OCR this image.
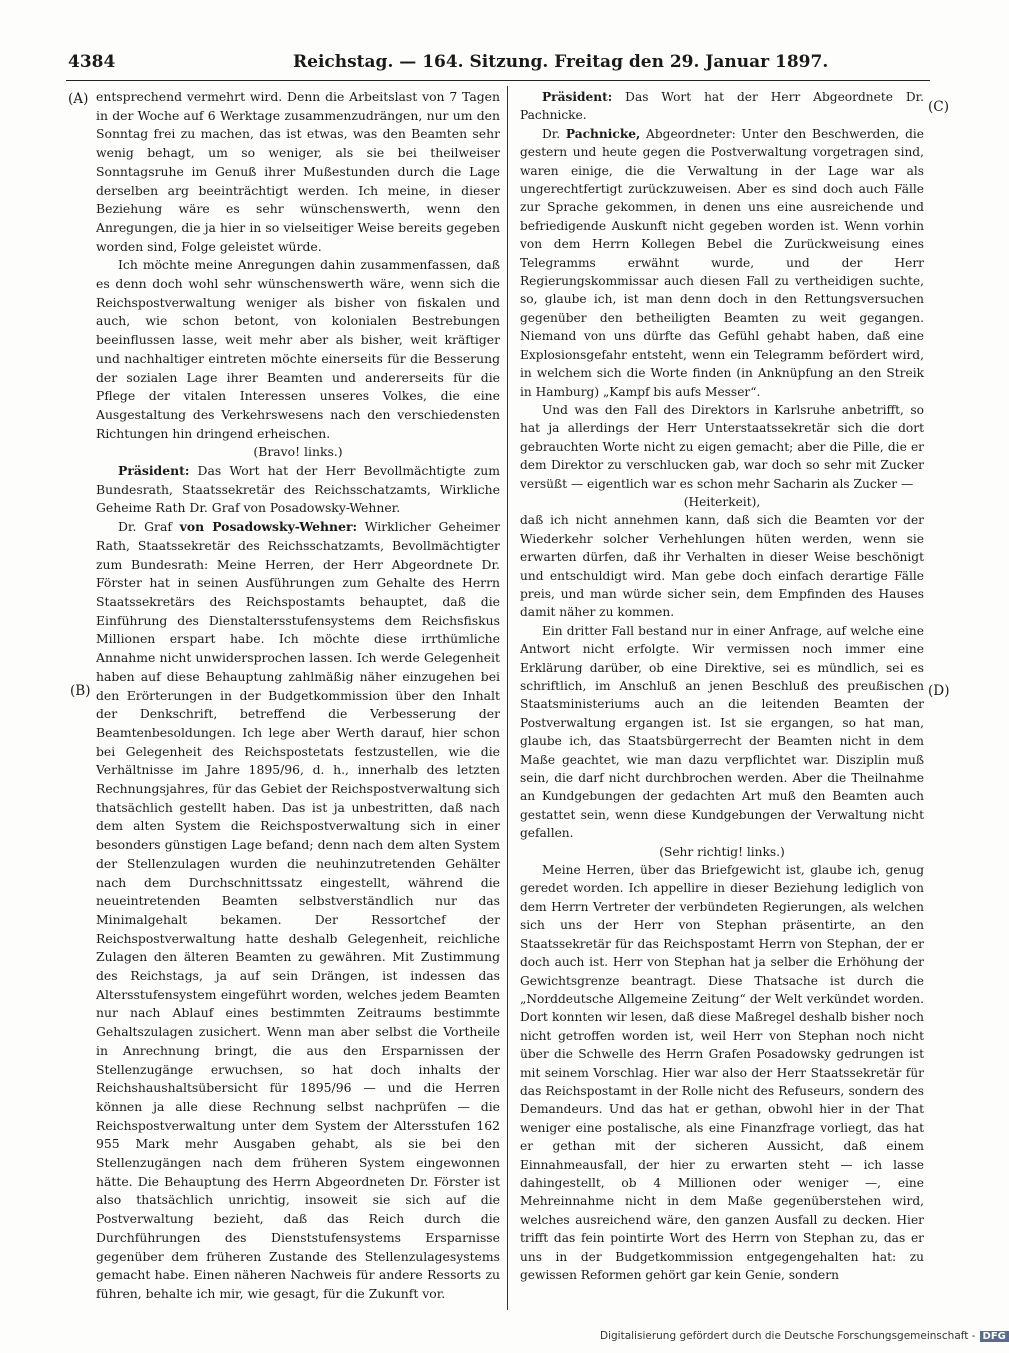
4384	Reichstag. — 164. Sitzung. Freitag den 29. Januar 1897.
(A)
(B)
(C)
(D)

entsprechend vermehrt wird. Denn die Arbeitslast von 7 Tagen in der Woche auf 6 Werktage zusammenzudrängen, nur um den Sonntag frei zu machen, das ist etwas, was den Beamten sehr wenig behagt, um so weniger, als sie bei theilweiser Sonntagsruhe im Genuß ihrer Mußestunden durch die Lage derselben arg beeinträchtigt werden. Ich meine, in dieser Beziehung wäre es sehr wünschenswerth, wenn den Anregungen, die ja hier in so vielseitiger Weise bereits gegeben worden sind, Folge geleistet würde.

Ich möchte meine Anregungen dahin zusammenfassen, daß es denn doch wohl sehr wünschenswerth wäre, wenn sich die Reichspostverwaltung weniger als bisher von fiskalen und auch, wie schon betont, von kolonialen Bestrebungen beeinflussen lasse, weit mehr aber als bisher, weit kräftiger und nachhaltiger eintreten möchte einerseits für die Besserung der sozialen Lage ihrer Beamten und andererseits für die Pflege der vitalen Interessen unseres Volkes, die eine Ausgestaltung des Verkehrswesens nach den verschiedensten Richtungen hin dringend erheischen.

(Bravo! links.)

Präsident: Das Wort hat der Herr Bevollmächtigte zum Bundesrath, Staatssekretär des Reichsschatzamts, Wirkliche Geheime Rath Dr. Graf von Posadowsky-Wehner.

Dr. Graf von Posadowsky-Wehner: Wirklicher Geheimer Rath, Staatssekretär des Reichsschatzamts, Bevollmächtigter zum Bundesrath: Meine Herren, der Herr Abgeordnete Dr. Förster hat in seinen Ausführungen zum Gehalte des Herrn Staatssekretärs des Reichspostamts behauptet, daß die Einführung des Dienstaltersstufensystems dem Reichsfiskus Millionen erspart habe. Ich möchte diese irrthümliche Annahme nicht unwidersprochen lassen. Ich werde Gelegenheit haben auf diese Behauptung zahlmäßig näher einzugehen bei den Erörterungen in der Budgetkommission über den Inhalt der Denkschrift, betreffend die Verbesserung der Beamtenbesoldungen. Ich lege aber Werth darauf, hier schon bei Gelegenheit des Reichspostetats festzustellen, wie die Verhältnisse im Jahre 1895/96, d. h., innerhalb des letzten Rechnungsjahres, für das Gebiet der Reichspostverwaltung sich thatsächlich gestellt haben. Das ist ja unbestritten, daß nach dem alten System die Reichspostverwaltung sich in einer besonders günstigen Lage befand; denn nach dem alten System der Stellenzulagen wurden die neuhinzutretenden Gehälter nach dem Durchschnittssatz eingestellt, während die neueintretenden Beamten selbstverständlich nur das Minimalgehalt bekamen. Der Ressortchef der Reichspostverwaltung hatte deshalb Gelegenheit, reichliche Zulagen den älteren Beamten zu gewähren. Mit Zustimmung des Reichstags, ja auf sein Drängen, ist indessen das Altersstufensystem eingeführt worden, welches jedem Beamten nur nach Ablauf eines bestimmten Zeitraums bestimmte Gehaltszulagen zusichert. Wenn man aber selbst die Vortheile in Anrechnung bringt, die aus den Ersparnissen der Stellenzugänge erwuchsen, so hat doch inhalts der Reichshaushaltsübersicht für 1895/96 — und die Herren können ja alle diese Rechnung selbst nachprüfen — die Reichspostverwaltung unter dem System der Altersstufen 162 955 Mark mehr Ausgaben gehabt, als sie bei den Stellenzugängen nach dem früheren System eingewonnen hätte. Die Behauptung des Herrn Abgeordneten Dr. Förster ist also thatsächlich unrichtig, insoweit sie sich auf die Postverwaltung bezieht, daß das Reich durch die Durchführungen des Dienststufensystems Ersparnisse gegenüber dem früheren Zustande des Stellenzulagesystems gemacht habe. Einen näheren Nachweis für andere Ressorts zu führen, behalte ich mir, wie gesagt, für die Zukunft vor.

Präsident: Das Wort hat der Herr Abgeordnete Dr. Pachnicke.

Dr. Pachnicke, Abgeordneter: Unter den Beschwerden, die gestern und heute gegen die Postverwaltung vorgetragen sind, waren einige, die die Verwaltung in der Lage war als ungerechtfertigt zurückzuweisen. Aber es sind doch auch Fälle zur Sprache gekommen, in denen uns eine ausreichende und befriedigende Auskunft nicht gegeben worden ist. Wenn vorhin von dem Herrn Kollegen Bebel die Zurückweisung eines Telegramms erwähnt wurde, und der Herr Regierungskommissar auch diesen Fall zu vertheidigen suchte, so, glaube ich, ist man denn doch in den Rettungsversuchen gegenüber den betheiligten Beamten zu weit gegangen. Niemand von uns dürfte das Gefühl gehabt haben, daß eine Explosionsgefahr entsteht, wenn ein Telegramm befördert wird, in welchem sich die Worte finden (in Anknüpfung an den Streik in Hamburg) „Kampf bis aufs Messer“.

Und was den Fall des Direktors in Karlsruhe anbetrifft, so hat ja allerdings der Herr Unterstaatssekretär sich die dort gebrauchten Worte nicht zu eigen gemacht; aber die Pille, die er dem Direktor zu verschlucken gab, war doch so sehr mit Zucker versüßt — eigentlich war es schon mehr Sacharin als Zucker —

(Heiterkeit),

daß ich nicht annehmen kann, daß sich die Beamten vor der Wiederkehr solcher Verhehlungen hüten werden, wenn sie erwarten dürfen, daß ihr Verhalten in dieser Weise beschönigt und entschuldigt wird. Man gebe doch einfach derartige Fälle preis, und man würde sicher sein, dem Empfinden des Hauses damit näher zu kommen.

Ein dritter Fall bestand nur in einer Anfrage, auf welche eine Antwort nicht erfolgte. Wir vermissen noch immer eine Erklärung darüber, ob eine Direktive, sei es mündlich, sei es schriftlich, im Anschluß an jenen Beschluß des preußischen Staatsministeriums auch an die leitenden Beamten der Postverwaltung ergangen ist. Ist sie ergangen, so hat man, glaube ich, das Staatsbürgerrecht der Beamten nicht in dem Maße geachtet, wie man dazu verpflichtet war. Disziplin muß sein, die darf nicht durchbrochen werden. Aber die Theilnahme an Kundgebungen der gedachten Art muß den Beamten auch gestattet sein, wenn diese Kundgebungen der Verwaltung nicht gefallen.

(Sehr richtig! links.)

Meine Herren, über das Briefgewicht ist, glaube ich, genug geredet worden. Ich appellire in dieser Beziehung lediglich von dem Herrn Vertreter der verbündeten Regierungen, als welchen sich uns der Herr von Stephan präsentirte, an den Staatssekretär für das Reichspostamt Herrn von Stephan, der er doch auch ist. Herr von Stephan hat ja selber die Erhöhung der Gewichtsgrenze beantragt. Diese Thatsache ist durch die „Norddeutsche Allgemeine Zeitung“ der Welt verkündet worden. Dort konnten wir lesen, daß diese Maßregel deshalb bisher noch nicht getroffen worden ist, weil Herr von Stephan noch nicht über die Schwelle des Herrn Grafen Posadowsky gedrungen ist mit seinem Vorschlag. Hier war also der Herr Staatssekretär für das Reichspostamt in der Rolle nicht des Refuseurs, sondern des Demandeurs. Und das hat er gethan, obwohl hier in der That weniger eine postalische, als eine Finanzfrage vorliegt, das hat er gethan mit der sicheren Aussicht, daß einem Einnahmeausfall, der hier zu erwarten steht — ich lasse dahingestellt, ob 4 Millionen oder weniger —, eine Mehreinnahme nicht in dem Maße gegenüberstehen wird, welches ausreichend wäre, den ganzen Ausfall zu decken. Hier trifft das fein pointirte Wort des Herrn von Stephan zu, das er uns in der Budgetkommission entgegengehalten hat: zu gewissen Reformen gehört gar kein Genie, sondern

Digitalisierung gefördert durch die Deutsche Forschungsgemeinschaft - DFG
